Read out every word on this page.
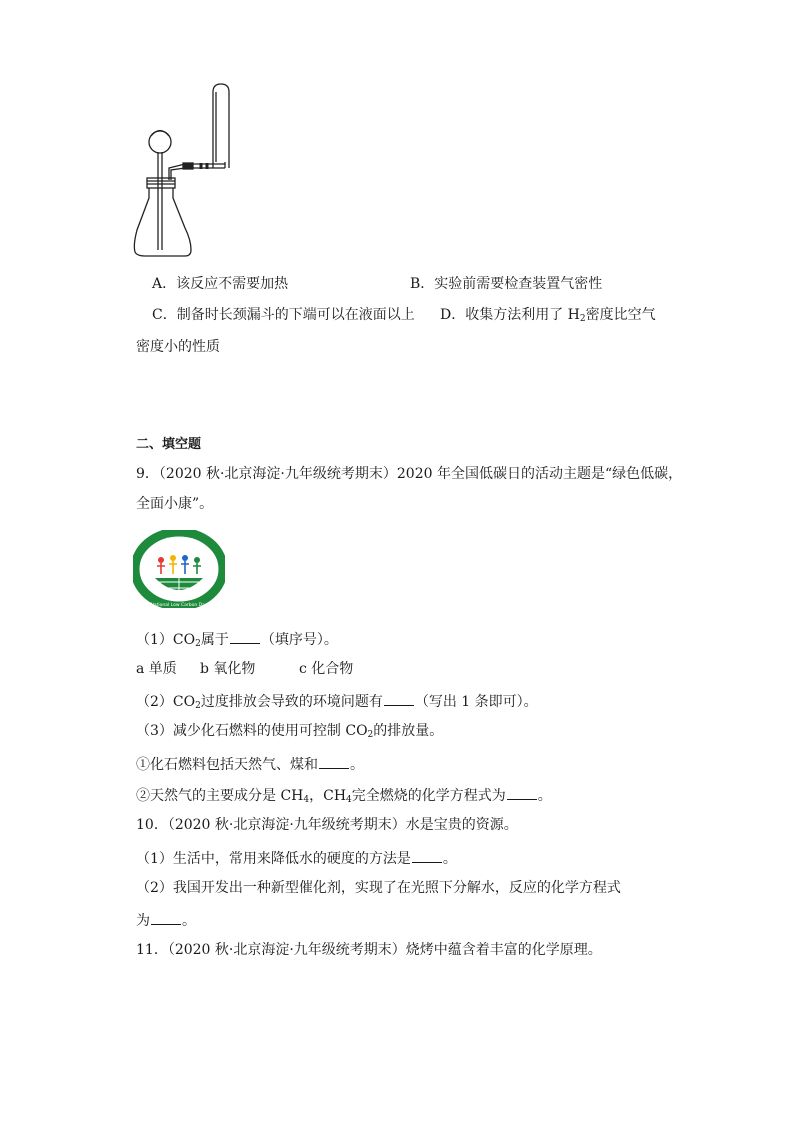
A．该反应不需要加热	B．实验前需要检查装置气密性
C．制备时长颈漏斗的下端可以在液面以上 D．收集方法利用了 $H_2$密度比空气
密度小的性质
二、填空题
9．（2020 秋·北京海淀·九年级统考期末）2020 年全国低碳日的活动主题是“绿色低碳，
全面小康”。
全国低碳日
National Low Carbon Day
$(1)CO_2$属于 （填序号）。
a 单质 b 氧化物	c 化合物
$(2)CO_2$过度排放会导致的环境问题有 （写出 1 条即可）。
（3）减少化石燃料的使用可控制 $CO_2$的排放量。
①化石燃料包括天然气、煤和 。
②天然气的主要成分是 $CH_4$，$CH_4$完全燃烧的化学方程式为 。
10．（2020 秋·北京海淀·九年级统考期末）水是宝贵的资源。
（1）生活中，常用来降低水的硬度的方法是 。
（2）我国开发出一种新型催化剂，实现了在光照下分解水，反应的化学方程式
为 。
11．（2020 秋·北京海淀·九年级统考期末）烧烤中蕴含着丰富的化学原理。
